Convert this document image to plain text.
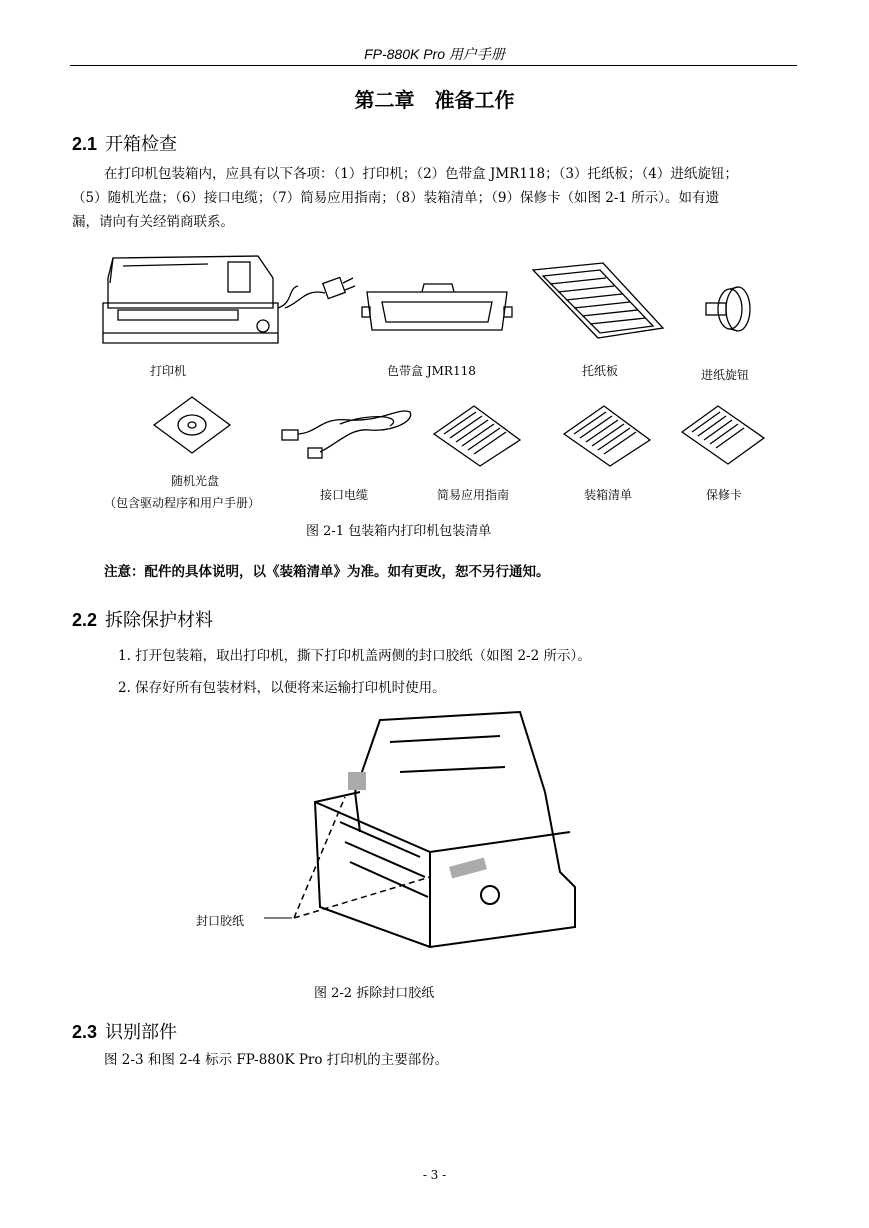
FP-880K Pro 用户手册
第二章　准备工作
2.1 开箱检查
在打印机包装箱内，应具有以下各项：（1）打印机；（2）色带盒 JMR118；（3）托纸板；（4）进纸旋钮；
（5）随机光盘；（6）接口电缆；（7）简易应用指南；（8）装箱清单；（9）保修卡（如图 2-1 所示）。如有遗
漏，请向有关经销商联系。
打印机	色带盒 JMR118	托纸板	进纸旋钮
随机光盘
（包含驱动程序和用户手册）
接口电缆	简易应用指南	装箱清单	保修卡
图 2-1 包装箱内打印机包装清单
注意：配件的具体说明，以《装箱清单》为准。如有更改，恕不另行通知。
2.2 拆除保护材料
1. 打开包装箱，取出打印机，撕下打印机盖两侧的封口胶纸（如图 2-2 所示）。
2. 保存好所有包装材料，以便将来运输打印机时使用。
封口胶纸
图 2-2 拆除封口胶纸
2.3 识别部件
图 2-3 和图 2-4 标示 FP-880K Pro 打印机的主要部份。
- 3 -
